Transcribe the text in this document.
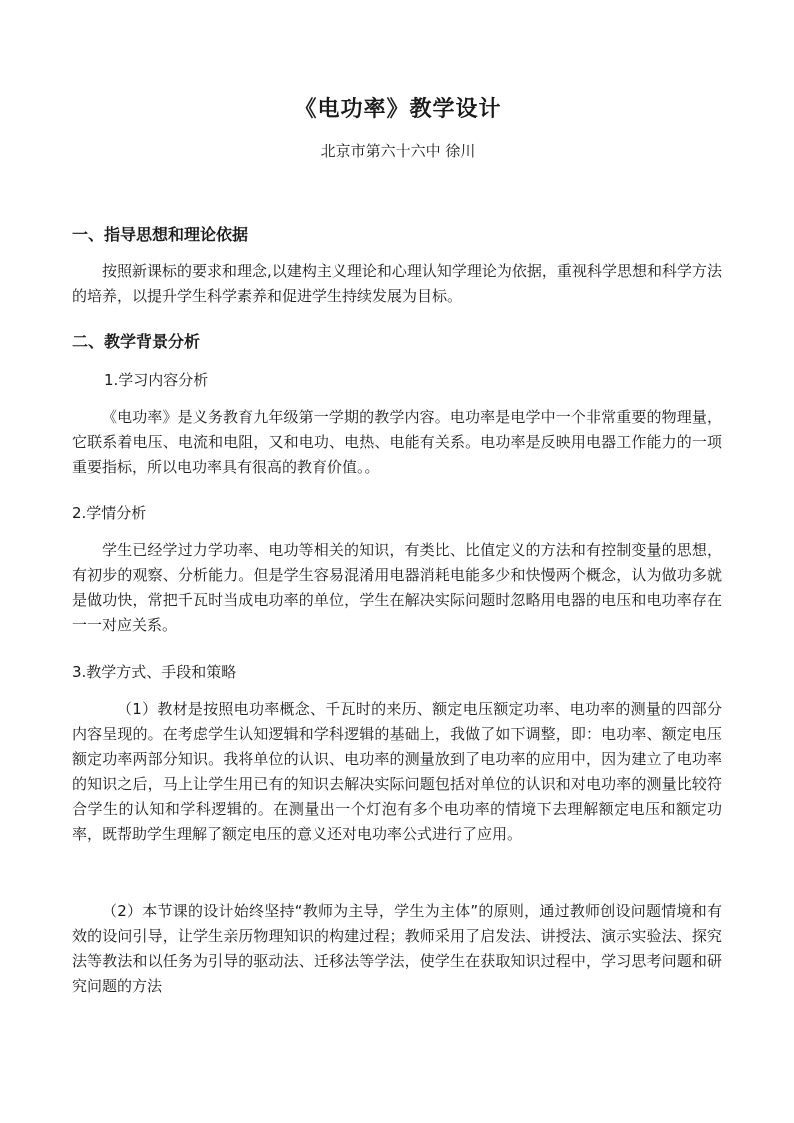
《电功率》教学设计
北京市第六十六中 徐川
一、指导思想和理论依据
按照新课标的要求和理念,以建构主义理论和心理认知学理论为依据，重视科学思想和科学方法的培养，以提升学生科学素养和促进学生持续发展为目标。
二、教学背景分析
1.学习内容分析
《电功率》是义务教育九年级第一学期的教学内容。电功率是电学中一个非常重要的物理量，它联系着电压、电流和电阻，又和电功、电热、电能有关系。电功率是反映用电器工作能力的一项重要指标，所以电功率具有很高的教育价值。。
2.学情分析
学生已经学过力学功率、电功等相关的知识，有类比、比值定义的方法和有控制变量的思想，有初步的观察、分析能力。但是学生容易混淆用电器消耗电能多少和快慢两个概念，认为做功多就是做功快，常把千瓦时当成电功率的单位，学生在解决实际问题时忽略用电器的电压和电功率存在一一对应关系。
3.教学方式、手段和策略
（1）教材是按照电功率概念、千瓦时的来历、额定电压额定功率、电功率的测量的四部分内容呈现的。在考虑学生认知逻辑和学科逻辑的基础上，我做了如下调整，即：电功率、额定电压额定功率两部分知识。我将单位的认识、电功率的测量放到了电功率的应用中，因为建立了电功率的知识之后，马上让学生用已有的知识去解决实际问题包括对单位的认识和对电功率的测量比较符合学生的认知和学科逻辑的。在测量出一个灯泡有多个电功率的情境下去理解额定电压和额定功率，既帮助学生理解了额定电压的意义还对电功率公式进行了应用。
（2）本节课的设计始终坚持“教师为主导，学生为主体”的原则，通过教师创设问题情境和有效的设问引导，让学生亲历物理知识的构建过程；教师采用了启发法、讲授法、演示实验法、探究法等教法和以任务为引导的驱动法、迁移法等学法，使学生在获取知识过程中，学习思考问题和研究问题的方法
